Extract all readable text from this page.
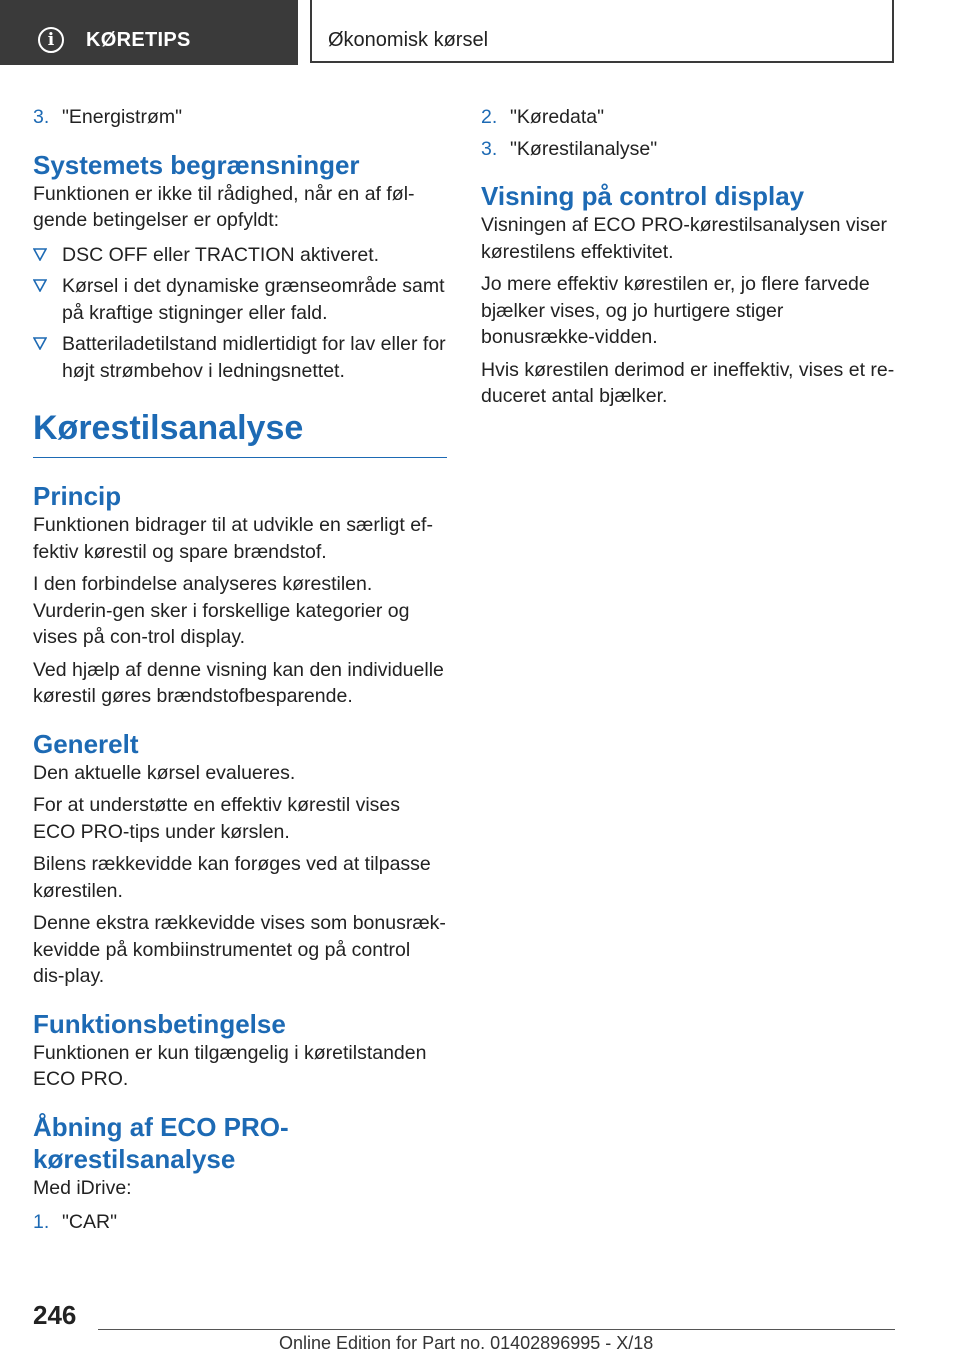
i	KØRETIPS	Økonomisk kørsel
3. "Energistrøm"
Systemets begrænsninger

Funktionen er ikke til rådighed, når en af føl-gende betingelser er opfyldt:

DSC OFF eller TRACTION aktiveret.
Kørsel i det dynamiske grænseområde samt på kraftige stigninger eller fald.
Batteriladetilstand midlertidigt for lav eller for højt strømbehov i ledningsnettet.
Kørestilsanalyse
Princip

Funktionen bidrager til at udvikle en særligt ef-fektiv kørestil og spare brændstof.

I den forbindelse analyseres kørestilen. Vurderin-gen sker i forskellige kategorier og vises på con-trol display.

Ved hjælp af denne visning kan den individuelle kørestil gøres brændstofbesparende.

Generelt

Den aktuelle kørsel evalueres.

For at understøtte en effektiv kørestil vises ECO PRO-tips under kørslen.

Bilens rækkevidde kan forøges ved at tilpasse kørestilen.

Denne ekstra rækkevidde vises som bonusræk-kevidde på kombiinstrumentet og på control dis-play.

Funktionsbetingelse

Funktionen er kun tilgængelig i køretilstanden ECO PRO.

Åbning af ECO PRO-kørestilsanalyse

Med iDrive:

1. "CAR"
2. "Køredata"
3. "Kørestilanalyse"
Visning på control display

Visningen af ECO PRO-kørestilsanalysen viser kørestilens effektivitet.

Jo mere effektiv kørestilen er, jo flere farvede bjælker vises, og jo hurtigere stiger bonusrække-vidden.

Hvis kørestilen derimod er ineffektiv, vises et re-duceret antal bjælker.

246
Online Edition for Part no. 01402896995 - X/18
